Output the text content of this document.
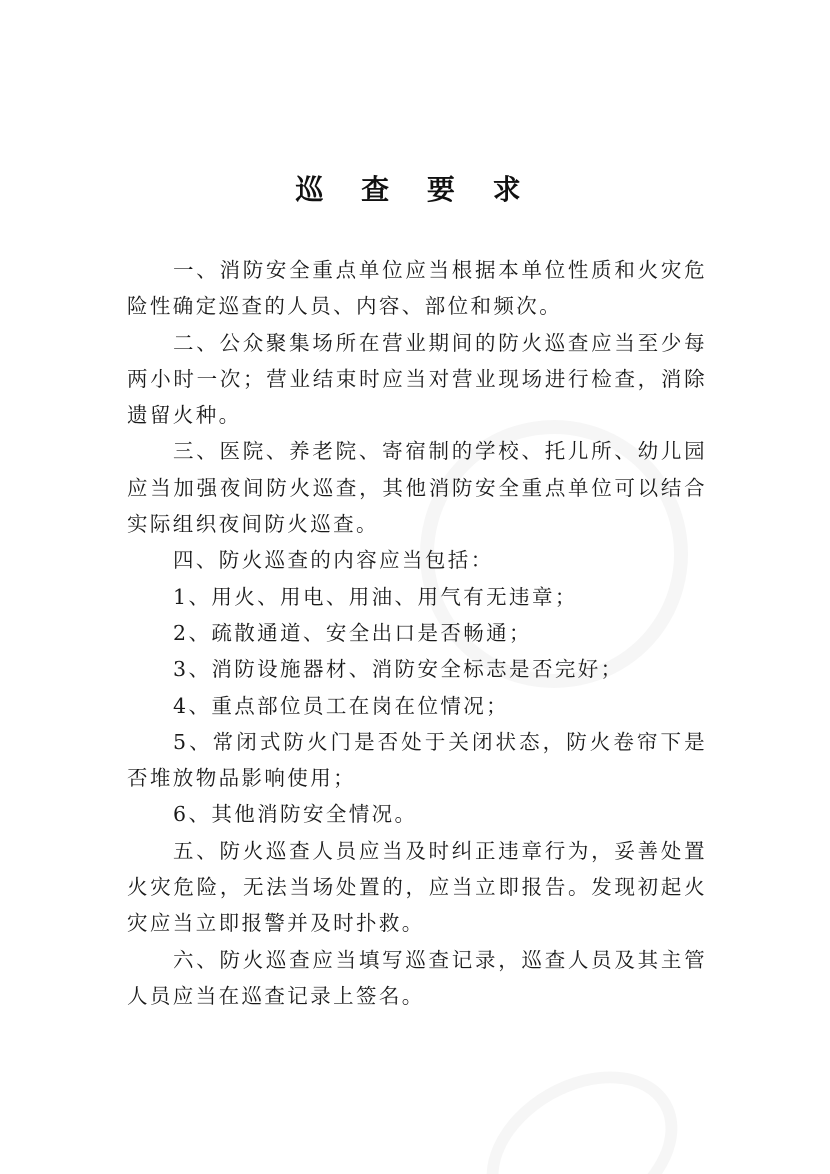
巡 查 要 求

一、消防安全重点单位应当根据本单位性质和火灾危险性确定巡查的人员、内容、部位和频次。

二、公众聚集场所在营业期间的防火巡查应当至少每两小时一次；营业结束时应当对营业现场进行检查，消除遗留火种。

三、医院、养老院、寄宿制的学校、托儿所、幼儿园应当加强夜间防火巡查，其他消防安全重点单位可以结合实际组织夜间防火巡查。

四、防火巡查的内容应当包括：

1、用火、用电、用油、用气有无违章；

2、疏散通道、安全出口是否畅通；

3、消防设施器材、消防安全标志是否完好；

4、重点部位员工在岗在位情况；

5、常闭式防火门是否处于关闭状态，防火卷帘下是否堆放物品影响使用；

6、其他消防安全情况。

五、防火巡查人员应当及时纠正违章行为，妥善处置火灾危险，无法当场处置的，应当立即报告。发现初起火灾应当立即报警并及时扑救。

六、防火巡查应当填写巡查记录，巡查人员及其主管人员应当在巡查记录上签名。
